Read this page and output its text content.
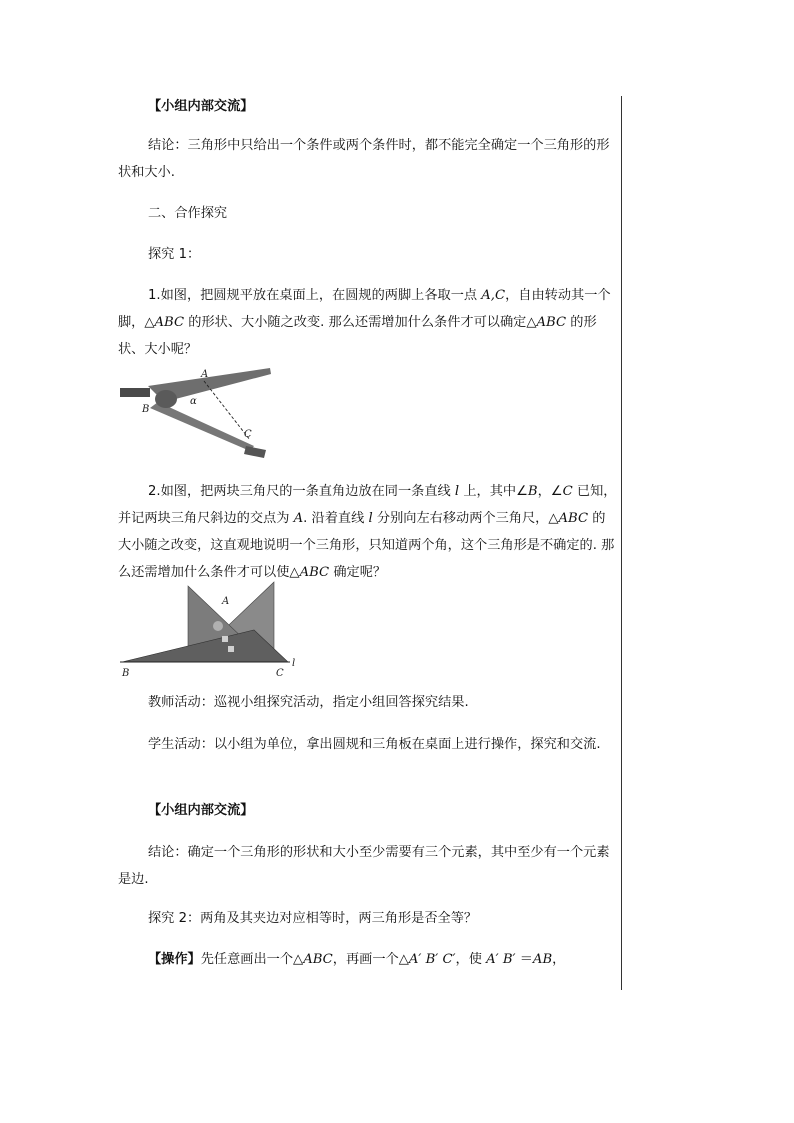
【小组内部交流】

结论：三角形中只给出一个条件或两个条件时，都不能完全确定一个三角形的形状和大小.

二、合作探究

探究 1：

1.如图，把圆规平放在桌面上，在圆规的两脚上各取一点 A,C，自由转动其一个脚，△ABC 的形状、大小随之改变. 那么还需增加什么条件才可以确定△ABC 的形状、大小呢？

A
B
C
α

2.如图，把两块三角尺的一条直角边放在同一条直线 l 上，其中∠B，∠C 已知，并记两块三角尺斜边的交点为 A. 沿着直线 l 分别向左右移动两个三角尺，△ABC 的大小随之改变，这直观地说明一个三角形，只知道两个角，这个三角形是不确定的. 那么还需增加什么条件才可以使△ABC 确定呢？

A
B	C
l

教师活动：巡视小组探究活动，指定小组回答探究结果.

学生活动：以小组为单位，拿出圆规和三角板在桌面上进行操作，探究和交流.

【小组内部交流】

结论：确定一个三角形的形状和大小至少需要有三个元素，其中至少有一个元素是边.

探究 2：两角及其夹边对应相等时，两三角形是否全等？

【操作】先任意画出一个△ABC，再画一个△A′ B′ C′，使 A′ B′ ＝AB，
